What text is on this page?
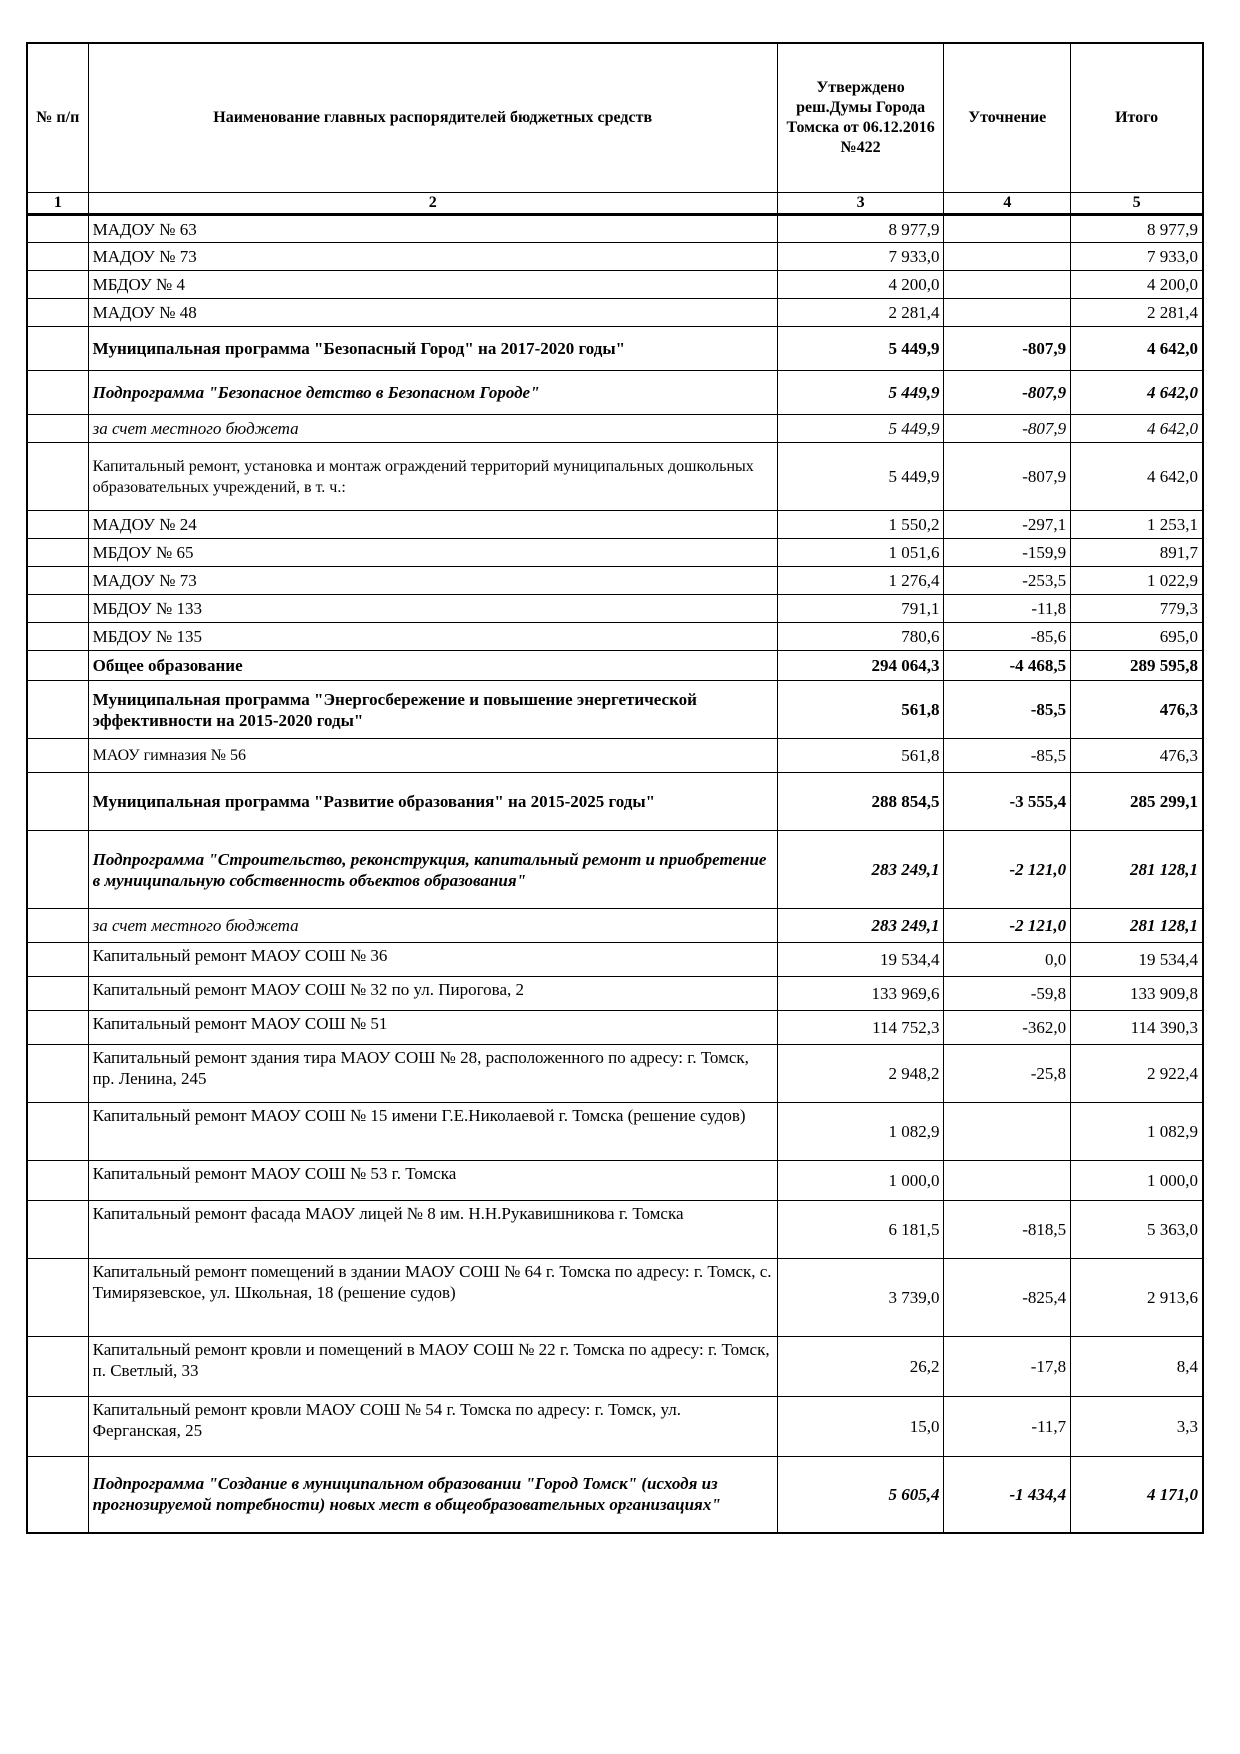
№ п/п	Наименование главных распорядителей бюджетных средств	Утверждено реш.Думы Города Томска от 06.12.2016 №422	Уточнение	Итого
1	2	3	4	5
	МАДОУ № 63	8 977,9		8 977,9
	МАДОУ № 73	7 933,0		7 933,0
	МБДОУ № 4	4 200,0		4 200,0
	МАДОУ № 48	2 281,4		2 281,4
	Муниципальная программа "Безопасный Город" на 2017-2020 годы"	5 449,9	-807,9	4 642,0
	Подпрограмма "Безопасное детство в Безопасном Городе"	5 449,9	-807,9	4 642,0
	за счет местного бюджета	5 449,9	-807,9	4 642,0
	Капитальный ремонт, установка и монтаж ограждений территорий муниципальных дошкольных образовательных учреждений, в т. ч.:	5 449,9	-807,9	4 642,0
	МАДОУ № 24	1 550,2	-297,1	1 253,1
	МБДОУ № 65	1 051,6	-159,9	891,7
	МАДОУ № 73	1 276,4	-253,5	1 022,9
	МБДОУ № 133	791,1	-11,8	779,3
	МБДОУ № 135	780,6	-85,6	695,0
	Общее образование	294 064,3	-4 468,5	289 595,8
	Муниципальная программа "Энергосбережение и повышение энергетической эффективности на 2015-2020 годы"	561,8	-85,5	476,3
	МАОУ гимназия № 56	561,8	-85,5	476,3
	Муниципальная программа "Развитие образования" на 2015-2025 годы"	288 854,5	-3 555,4	285 299,1
	Подпрограмма "Строительство, реконструкция, капитальный ремонт и приобретение в муниципальную собственность объектов образования"	283 249,1	-2 121,0	281 128,1
	за счет местного бюджета	283 249,1	-2 121,0	281 128,1
	Капитальный ремонт МАОУ СОШ № 36	19 534,4	0,0	19 534,4
	Капитальный ремонт МАОУ СОШ № 32 по ул. Пирогова, 2	133 969,6	-59,8	133 909,8
	Капитальный ремонт МАОУ СОШ № 51	114 752,3	-362,0	114 390,3
	Капитальный ремонт здания тира МАОУ СОШ № 28, расположенного по адресу: г. Томск, пр. Ленина, 245	2 948,2	-25,8	2 922,4
	Капитальный ремонт МАОУ СОШ № 15 имени Г.Е.Николаевой г. Томска (решение судов)	1 082,9		1 082,9
	Капитальный ремонт МАОУ СОШ № 53 г. Томска	1 000,0		1 000,0
	Капитальный ремонт фасада МАОУ лицей № 8 им. Н.Н.Рукавишникова г. Томска	6 181,5	-818,5	5 363,0
	Капитальный ремонт помещений в здании МАОУ СОШ № 64 г. Томска по адресу: г. Томск, с. Тимирязевское, ул. Школьная, 18 (решение судов)	3 739,0	-825,4	2 913,6
	Капитальный ремонт кровли и помещений в МАОУ СОШ № 22 г. Томска по адресу: г. Томск, п. Светлый, 33	26,2	-17,8	8,4
	Капитальный ремонт кровли МАОУ СОШ № 54 г. Томска по адресу: г. Томск, ул. Ферганская, 25	15,0	-11,7	3,3
	Подпрограмма "Создание в муниципальном образовании "Город Томск" (исходя из прогнозируемой потребности) новых мест в общеобразовательных организациях"	5 605,4	-1 434,4	4 171,0
